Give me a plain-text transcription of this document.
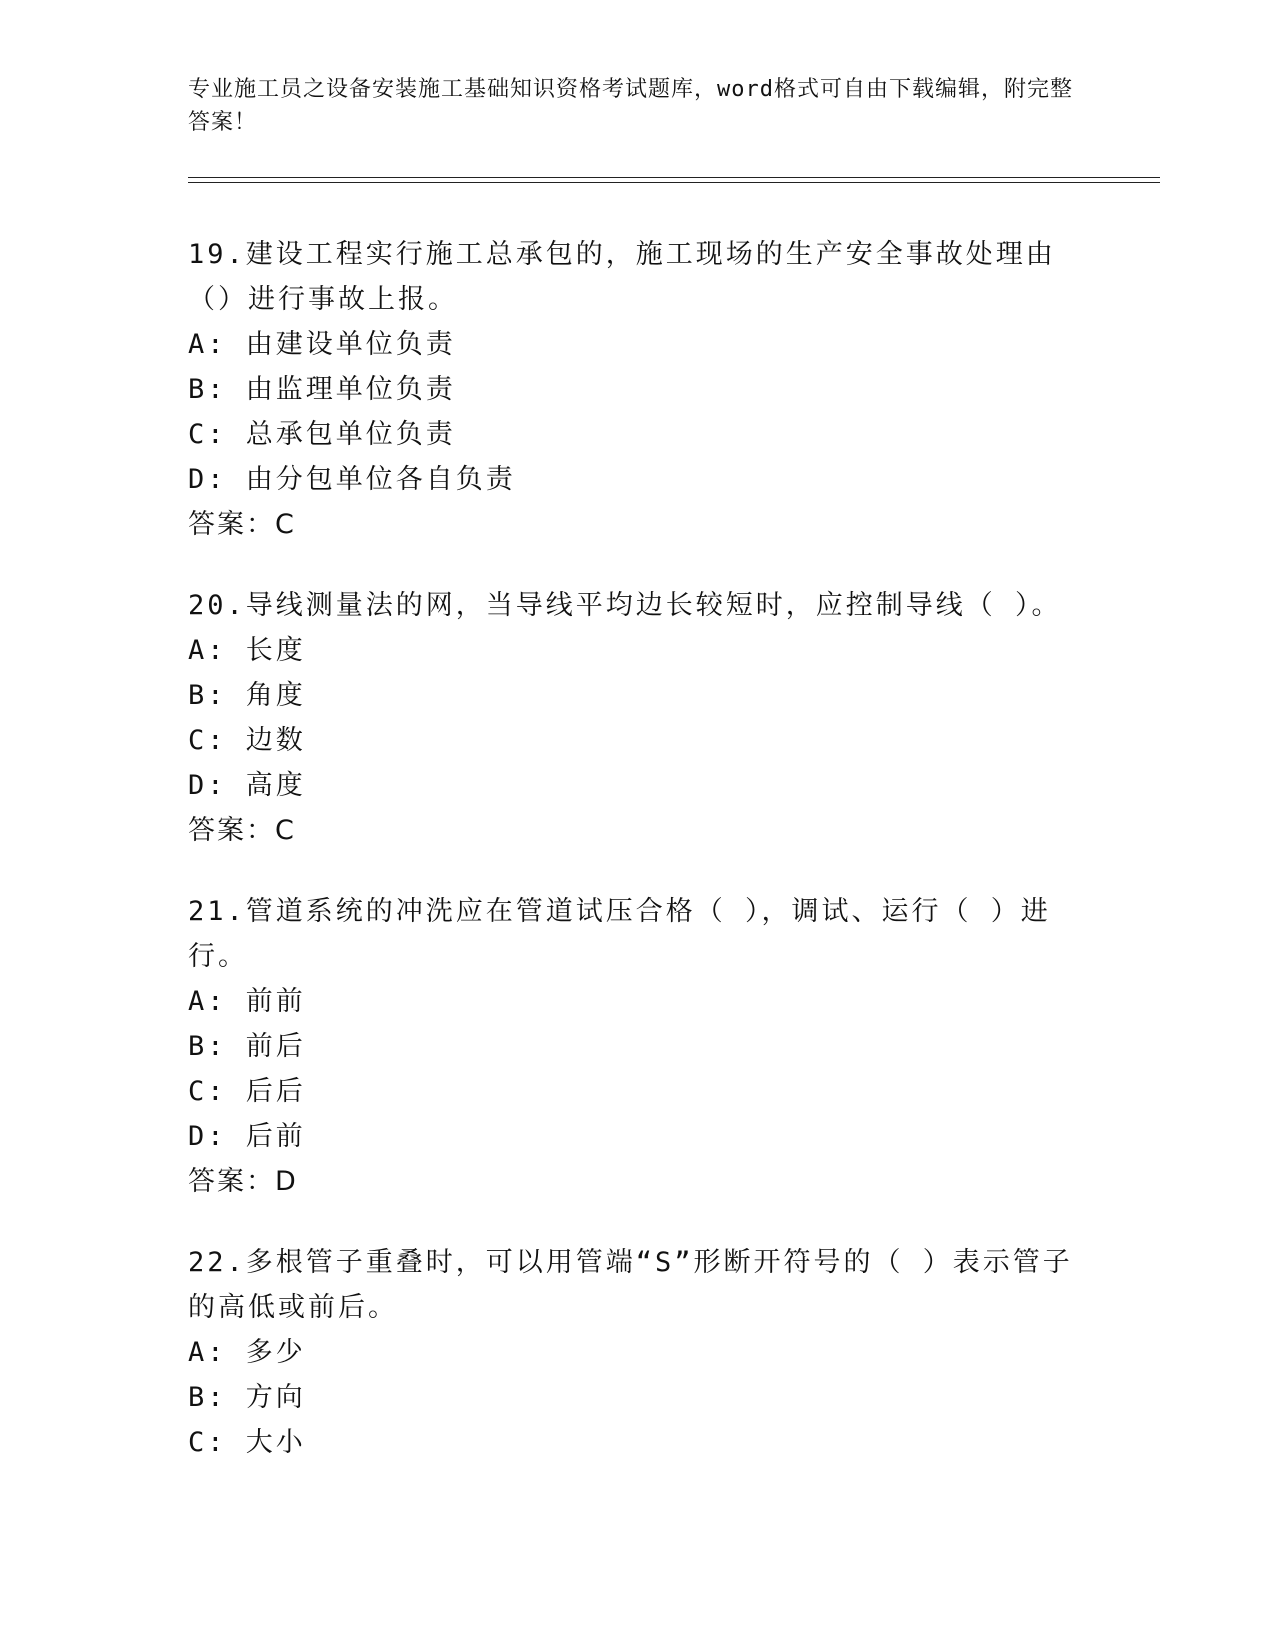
专业施工员之设备安装施工基础知识资格考试题库，word格式可自由下载编辑，附完整答案！

19.建设工程实行施工总承包的，施工现场的生产安全事故处理由（）进行事故上报。

A: 由建设单位负责

B: 由监理单位负责

C: 总承包单位负责

D: 由分包单位各自负责

答案：C

20.导线测量法的网，当导线平均边长较短时，应控制导线（ ）。

A: 长度

B: 角度

C: 边数

D: 高度

答案：C

21.管道系统的冲洗应在管道试压合格（ ），调试、运行（ ）进行。

A: 前前

B: 前后

C: 后后

D: 后前

答案：D

22.多根管子重叠时，可以用管端“S”形断开符号的（ ）表示管子的高低或前后。

A: 多少

B: 方向

C: 大小
